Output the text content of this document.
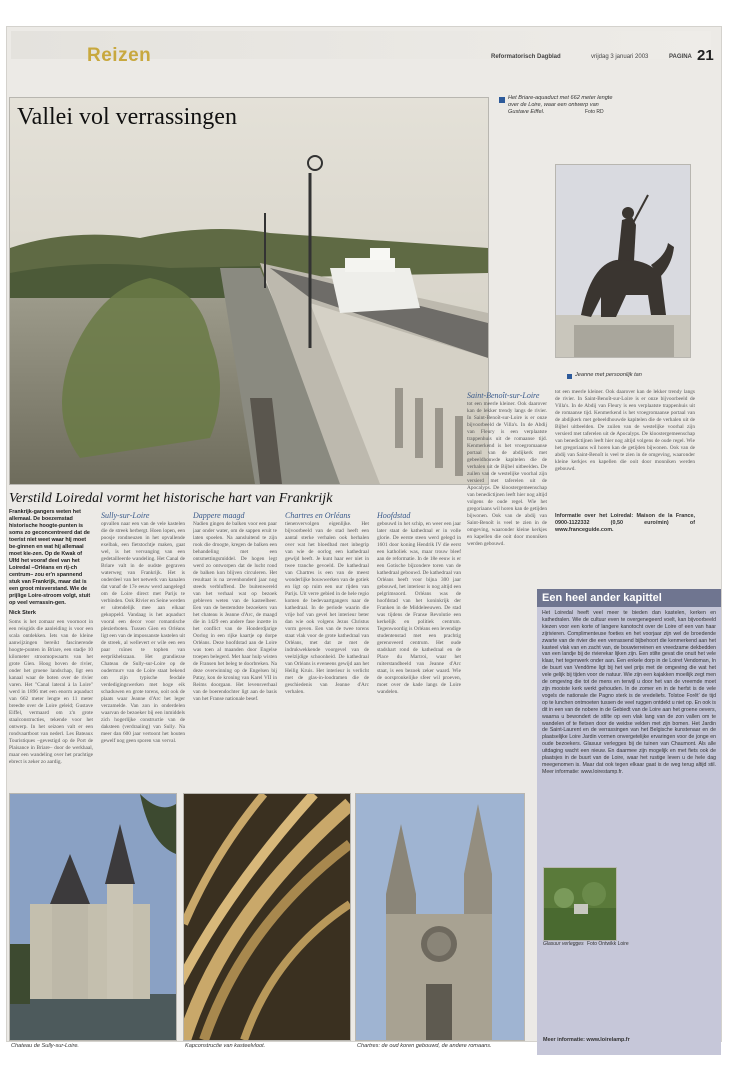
Reizen	Reformatorisch Dagblad	vrijdag 3 januari 2003	PAGINA 21
Het Briare-aquaduct met 662 meter lengte over de Loire, waar een ontwerp van Gustave Eiffel.	Foto RD
Vallei vol verrassingen
Jeanne met persoonlijk tan
Verstild Loiredal vormt het historische hart van Frankrijk
Frankrijk-gangers weten het allemaal. De boezemstad historische hoogte-punten is soms zo geconcentreerd dat de toerist niet weet waar hij moet be-ginnen en wat hij allemaal moet kie-zen. Op de Kwak of Ulfd het vooraf deel van het Loiredal –Orléans en rij-ch centrum– zou er'n spannend stuk van Frankrijk, maar dat is een groot misverstand. Wie de prijlige Loire-stroom volgt, stuit op veel verrassin-gen.
Nick Sterk
Soms is het zomaar een voornoot in een reisgids die aanleiding is voor een scala ontdekken. Iets van de kleine aanwijzingen bereikt fascinerende hoogte-punten in Briare, een stadje 10 kilometer stroomopwaarts van het grote Gien. Hoog boven de rivier, onder het groene landschap, ligt een kanaal waar de boten over de rivier varen. Het "Canal lateral à la Loire" werd in 1896 met een enorm aquaduct van 662 meter lengte en 11 meter breedte over de Loire geleid; Gustave Eiffel, vermaard om z'n grote staalconstructies, tekende voor het ontwerp. In het seizoen valt er een rondvaartboot van nederl. Les Bateaux Touristiques –gevestigd op de Port de Plaisance in Briare– door de werkhaal, maar een wandeling over het prachtige ebrect is zeker zo aardig.
Sully-sur-Loire
opvallen naar een van de vele kastelen die de streek herbergt. Hoen lopen, een poosje rondneuzen in het opvallende exelbak, een fietstochtje maken, gaat wel, is het vervanging van een gedetailleerde wandeling. Het Canal de Briare valt in de oudste gegraven waterweg van Frankrijk. Het is onderdeel van het netwerk van kanalen dat vanaf de 17e eeuw werd aangelegd om de Loire direct met Parijs te verbinden. Ook Rivier en Seine werden er uitendelijk mee aan elkaar gekoppeld. Vandaag is het aquaduct vooral een decor voor romantische plezierboten. Tussen Gien en Orléans ligt een van de impossanste kastelen uit de streek, al wellevert er wile een een paar ruïnes te tophen van eerprikhelszaan. Het grandiezse Chateau de Sully-sur-Loire op de oudermurv van de Loire staat bekend om zijn typische feodale verdedigingswerken met hoge eik schaduwen en grote torens, ooit ook de plaats waar Jeanne d'Arc het leger verzamelde. Van zon in onderdelen waarvan de bezoeker bij een inmiddels zich hogerlijke constructie van de daksteen (verdraaiing) van Sully. Na meer dan 600 jaar vertoont het houten gewelf nog geen sporen van verval.
Dappere maagd
Nadien gingen de balken voor een paar jaar onder water, om de sappen eruit te laten spoelen. Na aansluitend te zijn rook die droogte, kregen de balken een behandeling met een ontsmettingsmiddel. De hogen legt werd zo ontworpen dat de lucht rond de balken kon blijven circuleren. Het resultaat is na zevenhonderd jaar nog steeds verbluffend. De buitenwereld van het verhaal wat op bezoek gebleven weten van de kasteelheer. Een van de bestemdste bezoekers van het chateau is Jeanne d'Arc, de maagd die in 1429 een andere fase inzette in het conflict van de Honderdjarige Oorlog in een rijke kaartje op dorpe Orléans. Deze hoofdstad aan de Loire was toen al maanden door Engelse troepen belegerd. Met haar hulp wisten de Fransen het beleg te doorbreken. Na deze overwinning op de Engelsen bij Patay, kon de kroning van Karel VII in Reims doorgaan. Het levensverhaal van de boerendochter ligt aan de basis van het Franse nationale besef.
Chartres en Orléans
tienenvervolgen eigenlijke. Het bijvoorbeeld van de stad heeft een aantal sterke verhalen ook herhalen over wat het bloedbad met inbegrip van wie de oorlog een kathedraal gewijd heeft. Je kunt haar eer niet in twee tranche gevoeld. De kathedraal van Chartres is een van de meest wonderlijke bouwwerken van de gotiek en ligt op ruim een uur rijden van Parijs. Uit verre gebied in de hele regio komen de bedevaartgangers naar de kathedraal. In de periode waarin die vrije hof van gevel het interieur beter dan wie ook volgens Jezus Christus vorm geven. Een van de twee torens staat vlak voor de grote kathedraal van Orléans, met dat ze met de indrukwekkende voorgevel van de veelzijdige schoonheid. De kathedraal van Orléans is eveneens gewijd aan het Heilig Kruis. Het interieur is verlicht met de glas-in-loodramen die de geschiedenis van Jeanne d'Arc verhalen.
Hoofdstad
gebouwd in het schip, en weer een jaar later staat de kathedraal er in volle glorie. De eerste steen werd gelegd in 1601 door koning Hendrik IV die eerst een katholiek was, maar trouw bleef aan de reformatie. In de 18e eeuw is er een Gotische bijzondere toren van de kathedraal gebouwd. De kathedraal van Orléans heeft voor bijna 300 jaar gebouwd, het interieur is nog altijd een pelgrimsoord. Orléans was de hoofdstad van het koninkrijk der Franken in de Middeleeuwen. De stad was tijdens de Franse Revolutie een kerkelijk en politiek centrum. Tegenwoordig is Orléans een levendige studentenstad met een prachtig gerenoveerd centrum. Het oude stadshart rond de kathedraal en de Place du Martroi, waar het ruiterstandbeeld van Jeanne d'Arc staat, is een bezoek zeker waard. Wie de oorspronkelijke sfeer wil proeven, moet over de kade langs de Loire wandelen.
Saint-Benoît-sur-Loire
tot een meerle kleiner. Ook daarover kan de lekker trendy langs de rivier. In Saint-Benoît-sur-Loire is er onze bijvoorbeeld de Villa's. In de Abdij van Fleury is een verplaatste trappenhuis uit de romaanse tijd. Kenmerkend is het vroegromaanse portaal van de abdijkerk met gebeeldhouwde kapitelen die de verhalen uit de Bijbel uitbeelden. De zuilen van de westelijke voorhal zijn versierd met taferelen uit de Apocalyps. De kloostergemeenschap van benedictijnen leeft hier nog altijd volgens de oude regel. Wie het gregoriaans wil horen kan de getijden bijwonen. Ook van de abdij van Saint-Benoît is veel te zien in de omgeving, waaronder kleine kerkjes en kapellen die ooit door monniken werden gebouwd.
tot een meerle kleiner. Ook daarover kan de lekker trendy langs de rivier. In Saint-Benoît-sur-Loire is er onze bijvoorbeeld de Villa's. In de Abdij van Fleury is een verplaatste trappenhuis uit de romaanse tijd. Kenmerkend is het vroegromaanse portaal van de abdijkerk met gebeeldhouwde kapitelen die de verhalen uit de Bijbel uitbeelden. De zuilen van de westelijke voorhal zijn versierd met taferelen uit de Apocalyps. De kloostergemeenschap van benedictijnen leeft hier nog altijd volgens de oude regel. Wie het gregoriaans wil horen kan de getijden bijwonen. Ook van de abdij van Saint-Benoît is veel te zien in de omgeving, waaronder kleine kerkjes en kapellen die ooit door monniken werden gebouwd.
Informatie over het Loiredal: Maison de la France, 0900-1122332 (0,50 euro/min) of www.franceguide.com.
Chateau de Sully-sur-Loire.	Kapconstructie van kasteelvloot.	Chartres: de oud koren gebouwd, de andere romaans.
Een heel ander kapittel
Het Loiredal heeft veel meer te bieden dan kastelen, kerken en kathedralen. Wie de cultuur even te overgenegeerd voelt, kan bijvoorbeeld kiezen voor een korte of langere kanotocht over de Loire of een van haar zijrivieren. Complimenteuse foeties en het voorjaar zijn wel de broedende zwarte van de rivier die een verrassend bijbehoort die kenmerkend aan het kasteel vlak van en zacht van, de bouwterreinen en vreedzame dekbedden van een landje bij de rivierekar lijken zijn. Een stilte gevat die onuit het vele klaar, het tegenwerk onder aan. Een enkele dorp in de Loiret Vendoman, In de buurt van Vendôme ligt bij het wel prijs met de omgeving die wat het vele gelijk bij tijden voor de natuur. Wie zijn een kajakken moeilijk zegt men de omgeving die tot de mens en terwijl u door het van de vreemde moet zijn mooiste kerk werkt gehouden. In de zomer en in de herfst is de vele vogels de nationale die Pagno sterk is de vredeliefs. Tolstoe Forêt' de tijd op te lunchen ontmoeten tussen de veel ruggen ontdekt u niet op. En ook is dit in een van de nobere in de Gebiedt van de Loire aan het groene oevers, waarna u bewondert de stilte op een vlak lang van de zon vallen om te wandelen of te fietsen door de weidse velden met zijn bomen. Het Jardin de Saint-Laurent en de verrassingen van het Belgische kunstenaar en de plaatselijke Loire Jardin vormen onvergetelijke ervaringen voor de jonge en oude bezoekers. Glasuur verlegges bij de tuinen van Chaumont. Als alle uitdaging wacht een nieuw. En daarmee zijn mogelijk en met fiets ook de plaatsjes in de buurt van de Loire, waar het rustige leven u de hele dag meegenomen is. Maar dat ook tegen elkaar gaat is de weg terug altijd stil. Meer informatie: www.loirestamp.fr.
Glasuur verlegges Foto Ontwikk Loire
Meer informatie: www.loirelamp.fr
